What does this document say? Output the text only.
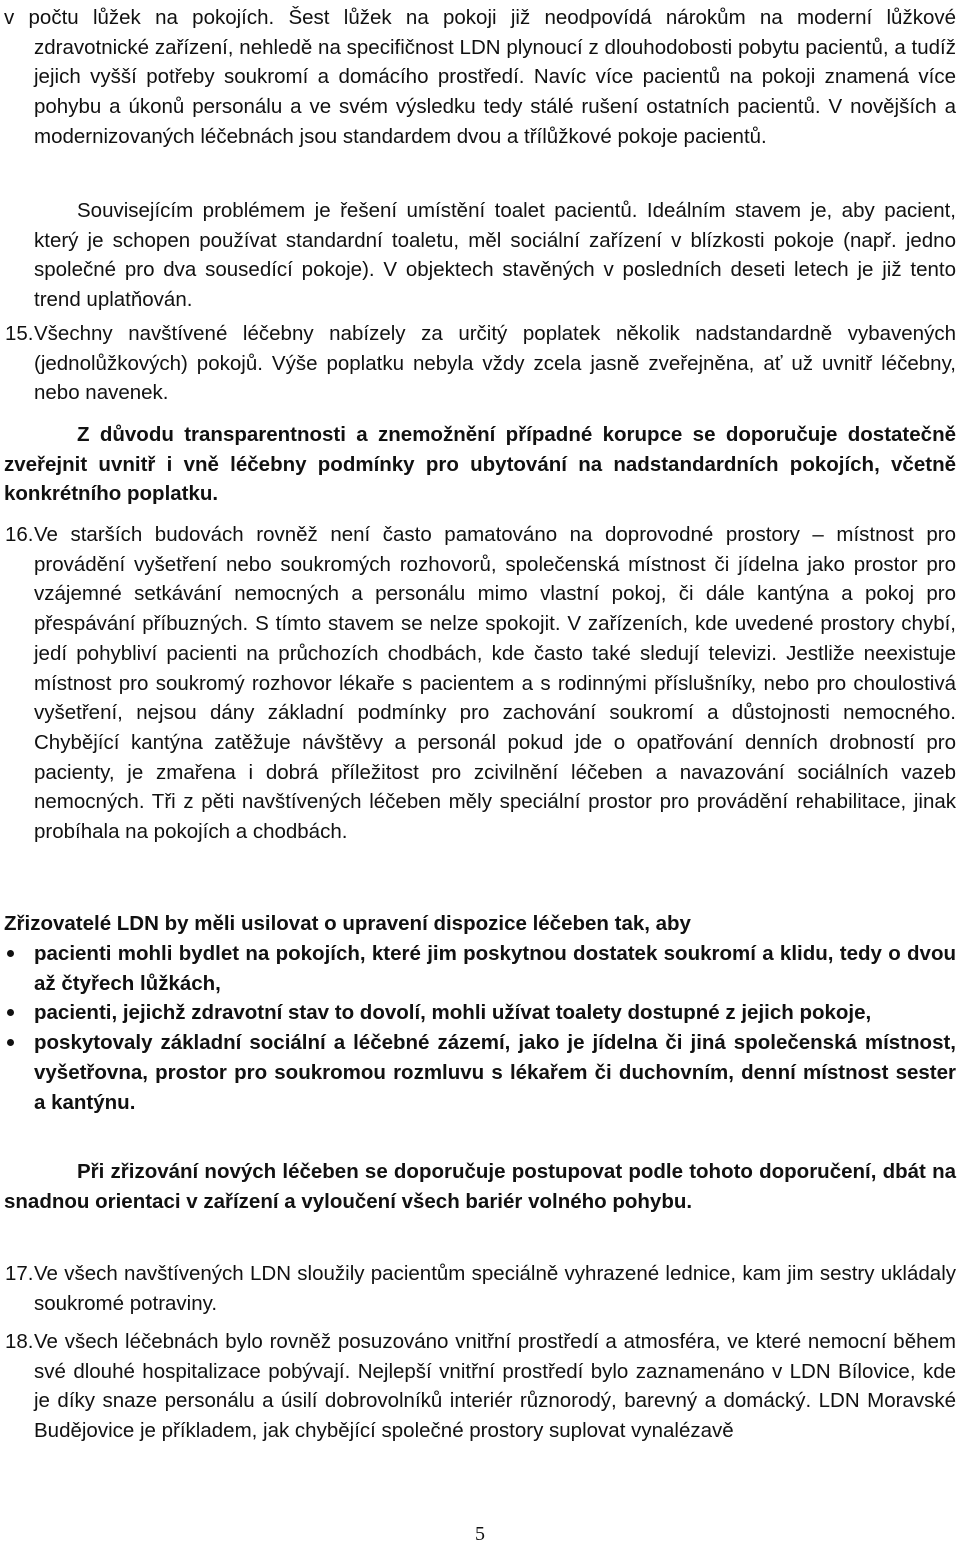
v počtu lůžek na pokojích. Šest lůžek na pokoji již neodpovídá nárokům na moderní lůžkové zdravotnické zařízení, nehledě na specifičnost LDN plynoucí z dlouhodobosti pobytu pacientů, a tudíž jejich vyšší potřeby soukromí a domácího prostředí. Navíc více pacientů na pokoji znamená více pohybu a úkonů personálu a ve svém výsledku tedy stálé rušení ostatních pacientů. V novějších a modernizovaných léčebnách jsou standardem dvou a třílůžkové pokoje pacientů.

Souvisejícím problémem je řešení umístění toalet pacientů. Ideálním stavem je, aby pacient, který je schopen používat standardní toaletu, měl sociální zařízení v blízkosti pokoje (např. jedno společné pro dva sousedící pokoje). V objektech stavěných v posledních deseti letech je již tento trend uplatňován.

15. Všechny navštívené léčebny nabízely za určitý poplatek několik nadstandardně vybavených (jednolůžkových) pokojů. Výše poplatku nebyla vždy zcela jasně zveřejněna, ať už uvnitř léčebny, nebo navenek.

Z důvodu transparentnosti a znemožnění případné korupce se doporučuje dostatečně zveřejnit uvnitř i vně léčebny podmínky pro ubytování na nadstandardních pokojích, včetně konkrétního poplatku.

16. Ve starších budovách rovněž není často pamatováno na doprovodné prostory – místnost pro provádění vyšetření nebo soukromých rozhovorů, společenská místnost či jídelna jako prostor pro vzájemné setkávání nemocných a personálu mimo vlastní pokoj, či dále kantýna a pokoj pro přespávání příbuzných. S tímto stavem se nelze spokojit. V zařízeních, kde uvedené prostory chybí, jedí pohybliví pacienti na průchozích chodbách, kde často také sledují televizi. Jestliže neexistuje místnost pro soukromý rozhovor lékaře s pacientem a s rodinnými příslušníky, nebo pro choulostivá vyšetření, nejsou dány základní podmínky pro zachování soukromí a důstojnosti nemocného. Chybějící kantýna zatěžuje návštěvy a personál pokud jde o opatřování denních drobností pro pacienty, je zmařena i dobrá příležitost pro zcivilnění léčeben a navazování sociálních vazeb nemocných. Tři z pěti navštívených léčeben měly speciální prostor pro provádění rehabilitace, jinak probíhala na pokojích a chodbách.

Zřizovatelé LDN by měli usilovat o upravení dispozice léčeben tak, aby

pacienti mohli bydlet na pokojích, které jim poskytnou dostatek soukromí a klidu, tedy o dvou až čtyřech lůžkách,
pacienti, jejichž zdravotní stav to dovolí, mohli užívat toalety dostupné z jejich pokoje,
poskytovaly základní sociální a léčebné zázemí, jako je jídelna či jiná společenská místnost, vyšetřovna, prostor pro soukromou rozmluvu s lékařem či duchovním, denní místnost sester a kantýnu.

Při zřizování nových léčeben se doporučuje postupovat podle tohoto doporučení, dbát na snadnou orientaci v zařízení a vyloučení všech bariér volného pohybu.

17. Ve všech navštívených LDN sloužily pacientům speciálně vyhrazené lednice, kam jim sestry ukládaly soukromé potraviny.

18. Ve všech léčebnách bylo rovněž posuzováno vnitřní prostředí a atmosféra, ve které nemocní během své dlouhé hospitalizace pobývají. Nejlepší vnitřní prostředí bylo zaznamenáno v LDN Bílovice, kde je díky snaze personálu a úsilí dobrovolníků interiér různorodý, barevný a domácký. LDN Moravské Budějovice je příkladem, jak chybějící společné prostory suplovat vynalézavě

5
